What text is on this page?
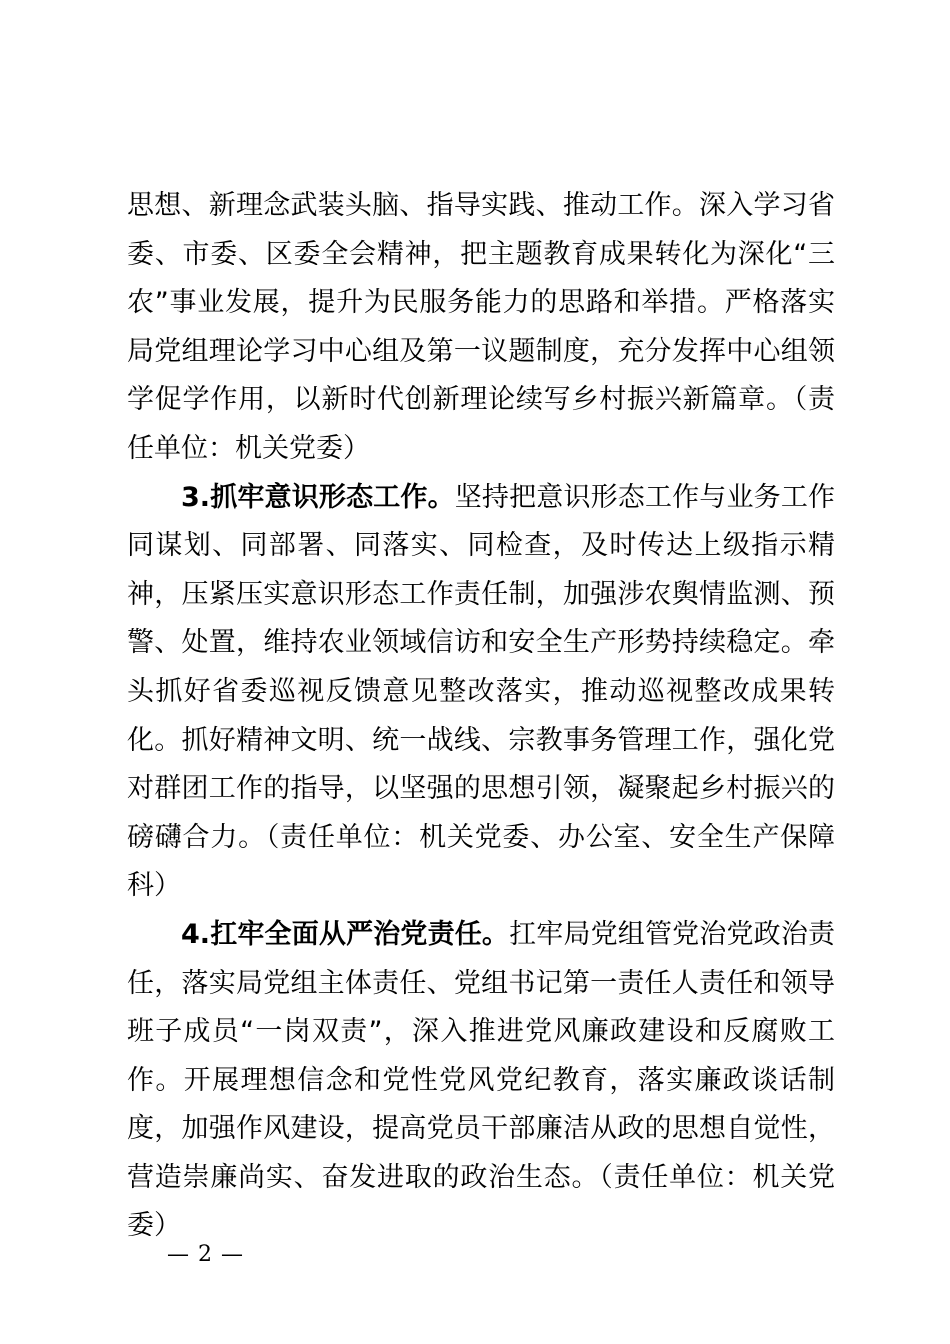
思想、新理念武装头脑、指导实践、推动工作。深入学习省委、市委、区委全会精神，把主题教育成果转化为深化“三农”事业发展，提升为民服务能力的思路和举措。严格落实局党组理论学习中心组及第一议题制度，充分发挥中心组领学促学作用，以新时代创新理论续写乡村振兴新篇章。（责任单位：机关党委）

3.抓牢意识形态工作。坚持把意识形态工作与业务工作同谋划、同部署、同落实、同检查，及时传达上级指示精神，压紧压实意识形态工作责任制，加强涉农舆情监测、预警、处置，维持农业领域信访和安全生产形势持续稳定。牵头抓好省委巡视反馈意见整改落实，推动巡视整改成果转化。抓好精神文明、统一战线、宗教事务管理工作，强化党对群团工作的指导，以坚强的思想引领，凝聚起乡村振兴的磅礴合力。（责任单位：机关党委、办公室、安全生产保障科）

4.扛牢全面从严治党责任。扛牢局党组管党治党政治责任，落实局党组主体责任、党组书记第一责任人责任和领导班子成员“一岗双责”，深入推进党风廉政建设和反腐败工作。开展理想信念和党性党风党纪教育，落实廉政谈话制度，加强作风建设，提高党员干部廉洁从政的思想自觉性，营造崇廉尚实、奋发进取的政治生态。（责任单位：机关党委）

— 2 —
